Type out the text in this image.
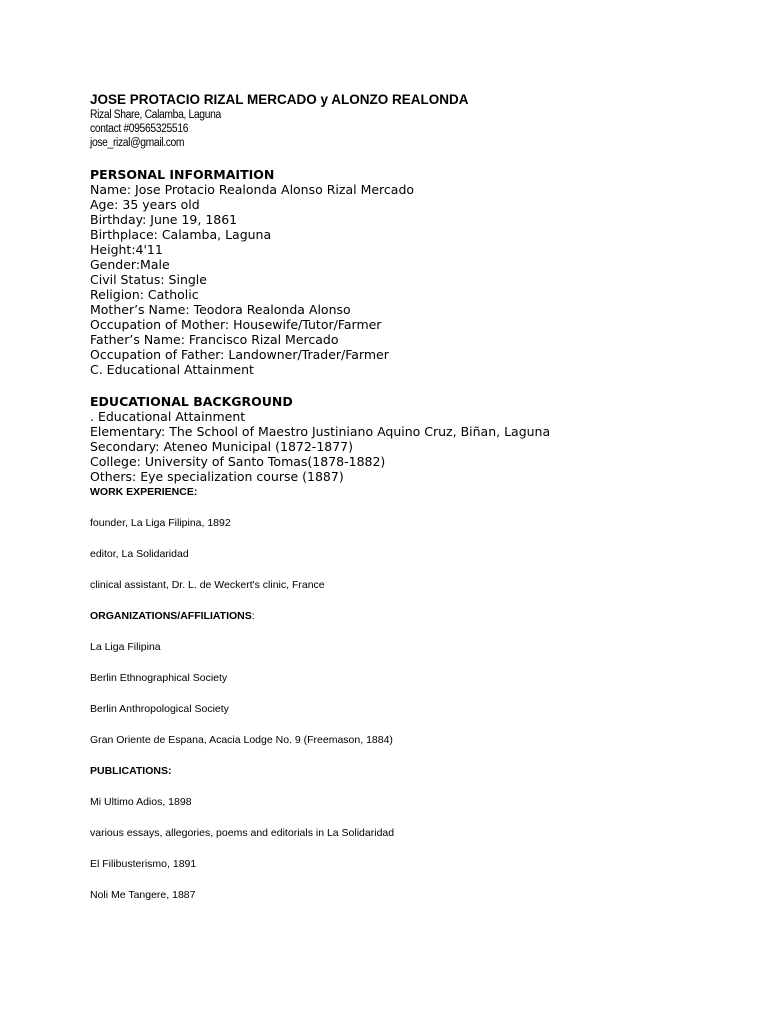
JOSE PROTACIO RIZAL MERCADO y ALONZO REALONDA
Rizal Share, Calamba, Laguna
contact #09565325516
jose_rizal@gmail.com
PERSONAL INFORMAITION
Name: Jose Protacio Realonda Alonso Rizal Mercado
Age: 35 years old
Birthday: June 19, 1861
Birthplace: Calamba, Laguna
Height:4'11
Gender:Male
Civil Status: Single
Religion: Catholic
Mother’s Name: Teodora Realonda Alonso
Occupation of Mother: Housewife/Tutor/Farmer
Father’s Name: Francisco Rizal Mercado
Occupation of Father: Landowner/Trader/Farmer
C. Educational Attainment
EDUCATIONAL BACKGROUND
. Educational Attainment
Elementary: The School of Maestro Justiniano Aquino Cruz, Biñan, Laguna
Secondary: Ateneo Municipal (1872-1877)
College: University of Santo Tomas(1878-1882)
Others: Eye specialization course (1887)
WORK EXPERIENCE:
founder, La Liga Filipina, 1892
editor, La Solidaridad
clinical assistant, Dr. L. de Weckert's clinic, France
ORGANIZATIONS/AFFILIATIONS:
La Liga Filipina
Berlin Ethnographical Society
Berlin Anthropological Society
Gran Oriente de Espana, Acacia Lodge No. 9 (Freemason, 1884)
PUBLICATIONS:
Mi Ultimo Adios, 1898
various essays, allegories, poems and editorials in La Solidaridad
El Filibusterismo, 1891
Noli Me Tangere, 1887
